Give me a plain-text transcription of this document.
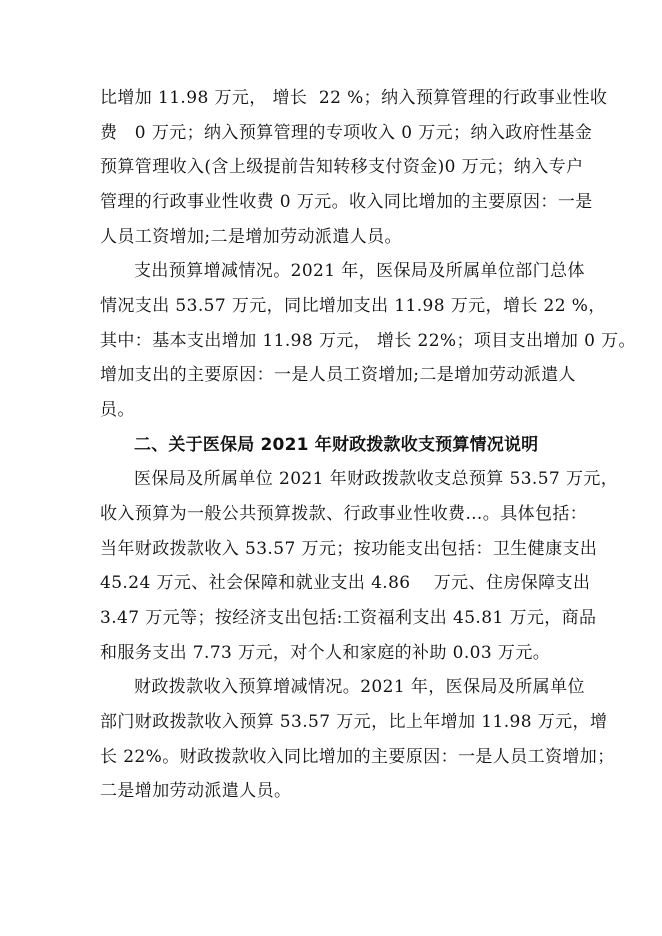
比增加 11.98 万元， 增长  22 %；纳入预算管理的行政事业性收
费   0 万元；纳入预算管理的专项收入 0 万元；纳入政府性基金
预算管理收入(含上级提前告知转移支付资金)0 万元；纳入专户
管理的行政事业性收费 0 万元。收入同比增加的主要原因：一是
人员工资增加;二是增加劳动派遣人员。
支出预算增减情况。2021 年，医保局及所属单位部门总体
情况支出 53.57 万元，同比增加支出 11.98 万元，增长 22 %，
其中：基本支出增加 11.98 万元， 增长 22%；项目支出增加 0 万。
增加支出的主要原因：一是人员工资增加;二是增加劳动派遣人
员。
二、关于医保局 2021 年财政拨款收支预算情况说明
医保局及所属单位 2021 年财政拨款收支总预算 53.57 万元，
收入预算为一般公共预算拨款、行政事业性收费…。具体包括：
当年财政拨款收入 53.57 万元；按功能支出包括：卫生健康支出
45.24 万元、社会保障和就业支出 4.86    万元、住房保障支出
3.47 万元等；按经济支出包括:工资福利支出 45.81 万元，商品
和服务支出 7.73 万元，对个人和家庭的补助 0.03 万元。
财政拨款收入预算增减情况。2021 年，医保局及所属单位
部门财政拨款收入预算 53.57 万元，比上年增加 11.98 万元，增
长 22%。财政拨款收入同比增加的主要原因：一是人员工资增加；
二是增加劳动派遣人员。
